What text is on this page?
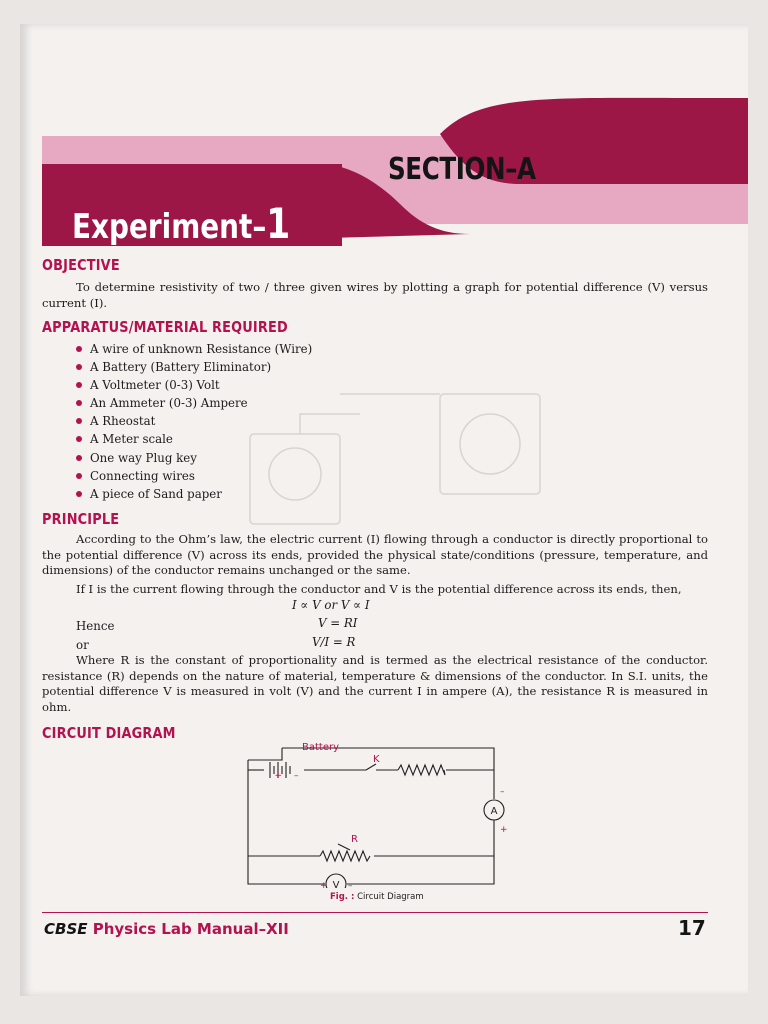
SECTION–A
Experiment–1
OBJECTIVE
To determine resistivity of two / three given wires by plotting a graph for potential difference (V) versus current (I).
APPARATUS/MATERIAL REQUIRED
A wire of unknown Resistance (Wire)
A Battery (Battery Eliminator)
A Voltmeter (0-3) Volt
An Ammeter (0-3) Ampere
A Rheostat
A Meter scale
One way Plug key
Connecting wires
A piece of Sand paper
PRINCIPLE
According to the Ohm’s law, the electric current (I) flowing through a conductor is directly proportional to the potential difference (V) across its ends, provided the physical state/conditions (pressure, temperature, and dimensions) of the conductor remains unchanged or the same.
If I is the current flowing through the conductor and V is the potential difference across its ends, then,
I ∝ V or V ∝ I
Hence	V = RI
or	V/I = R
Where R is the constant of proportionality and is termed as the electrical resistance of the conductor. resistance (R) depends on the nature of material, temperature & dimensions of the conductor. In S.I. units, the potential difference V is measured in volt (V) and the current I in ampere (A), the resistance R is measured in ohm.
CIRCUIT DIAGRAM
+ –
–
+
+ –
Battery
K
R
A
V
Fig. : Circuit Diagram
CBSE Physics Lab Manual–XII	17
